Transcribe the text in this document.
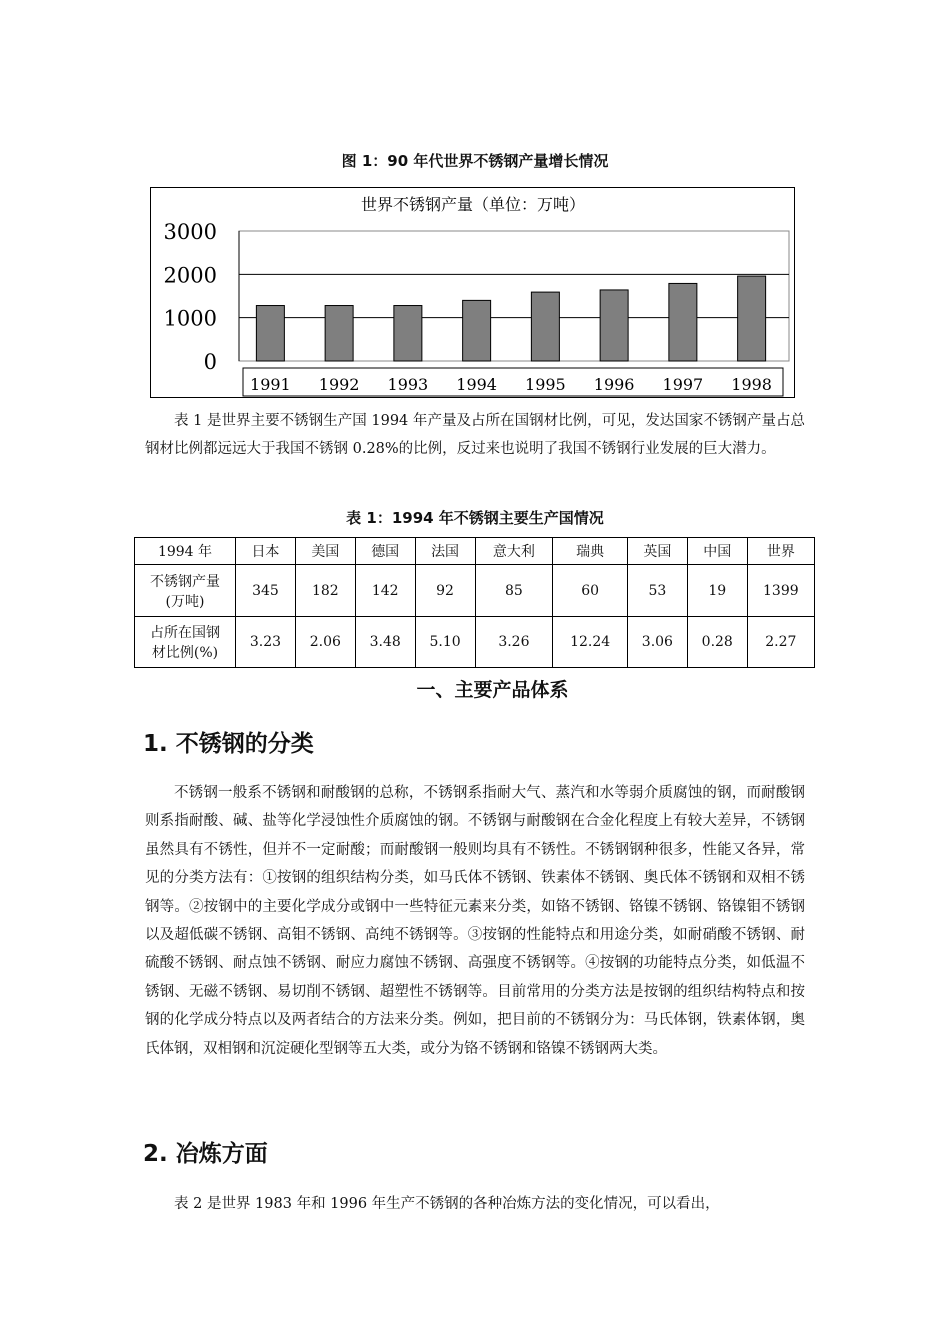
图 1：90 年代世界不锈钢产量增长情况
世界不锈钢产量（单位：万吨）
3000
2000
1000
0
1991 1992 1993 1994 1995 1996 1997 1998

表 1 是世界主要不锈钢生产国 1994 年产量及占所在国钢材比例，可见，发达国家不锈钢产量占总钢材比例都远远大于我国不锈钢 0.28%的比例，反过来也说明了我国不锈钢行业发展的巨大潜力。

表 1：1994 年不锈钢主要生产国情况
1994 年	日本	美国	德国	法国	意大利	瑞典	英国	中国	世界
不锈钢产量
(万吨)	345	182	142	92	85	60	53	19	1399
占所在国钢
材比例(%)	3.23	2.06	3.48	5.10	3.26	12.24	3.06	0.28	2.27
一、主要产品体系
1. 不锈钢的分类

不锈钢一般系不锈钢和耐酸钢的总称，不锈钢系指耐大气、蒸汽和水等弱介质腐蚀的钢，而耐酸钢则系指耐酸、碱、盐等化学浸蚀性介质腐蚀的钢。不锈钢与耐酸钢在合金化程度上有较大差异，不锈钢虽然具有不锈性，但并不一定耐酸；而耐酸钢一般则均具有不锈性。不锈钢钢种很多，性能又各异，常见的分类方法有：①按钢的组织结构分类，如马氏体不锈钢、铁素体不锈钢、奥氏体不锈钢和双相不锈钢等。②按钢中的主要化学成分或钢中一些特征元素来分类，如铬不锈钢、铬镍不锈钢、铬镍钼不锈钢以及超低碳不锈钢、高钼不锈钢、高纯不锈钢等。③按钢的性能特点和用途分类，如耐硝酸不锈钢、耐硫酸不锈钢、耐点蚀不锈钢、耐应力腐蚀不锈钢、高强度不锈钢等。④按钢的功能特点分类，如低温不锈钢、无磁不锈钢、易切削不锈钢、超塑性不锈钢等。目前常用的分类方法是按钢的组织结构特点和按钢的化学成分特点以及两者结合的方法来分类。例如，把目前的不锈钢分为：马氏体钢，铁素体钢，奥氏体钢，双相钢和沉淀硬化型钢等五大类，或分为铬不锈钢和铬镍不锈钢两大类。

2. 冶炼方面

表 2 是世界 1983 年和 1996 年生产不锈钢的各种冶炼方法的变化情况，可以看出，
